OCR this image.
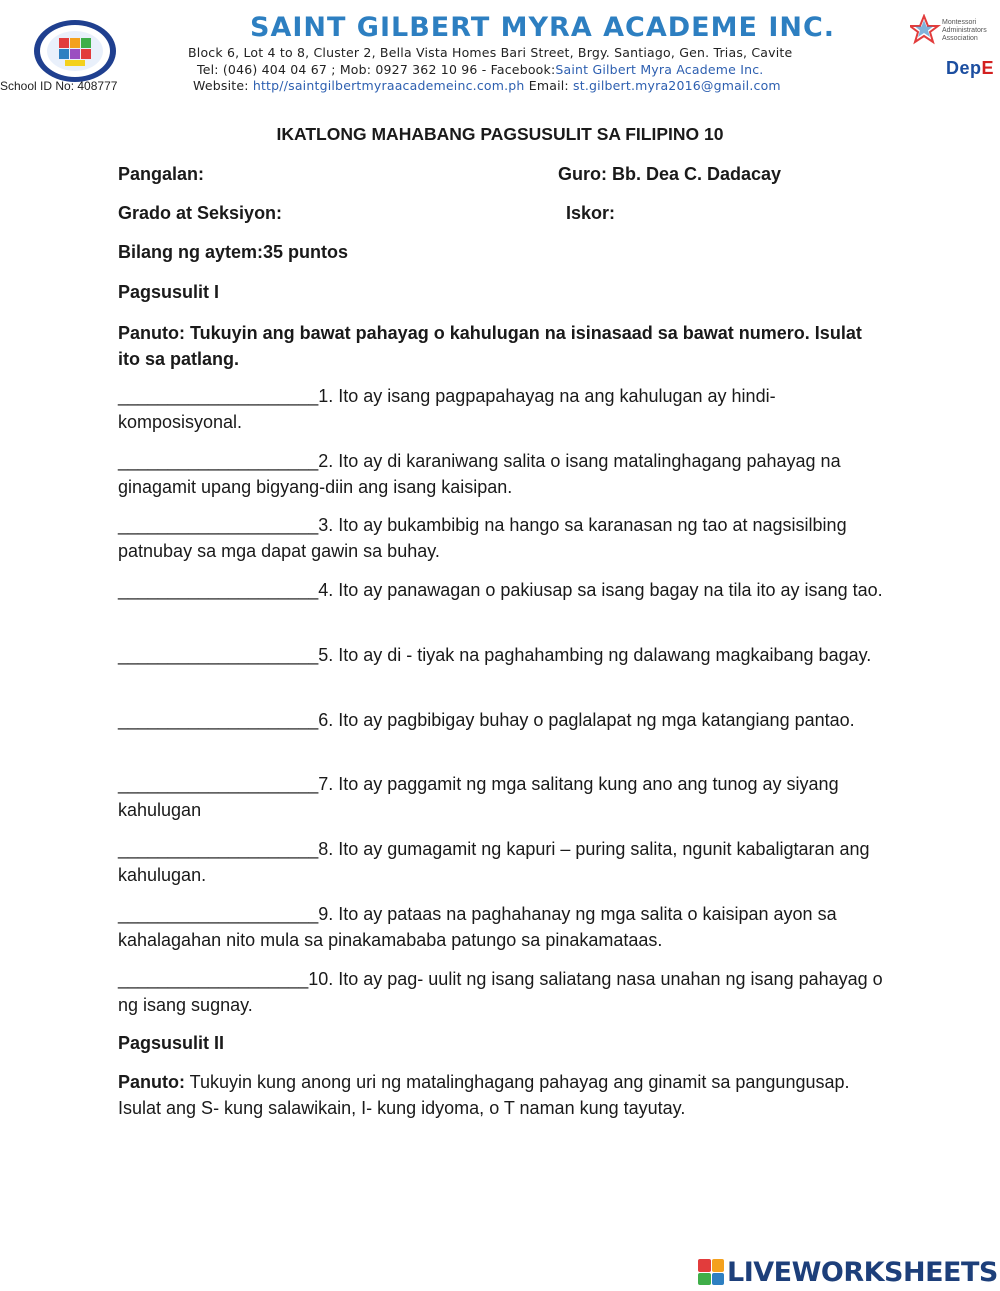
School ID No: 408777
SAINT GILBERT MYRA ACADEME INC.
Block 6, Lot 4 to 8, Cluster 2, Bella Vista Homes Bari Street, Brgy. Santiago, Gen. Trias, Cavite
Tel: (046) 404 04 67 ; Mob: 0927 362 10 96 - Facebook:Saint Gilbert Myra Academe Inc.
Website: http//saintgilbertmyraacademeinc.com.ph Email: st.gilbert.myra2016@gmail.com
Montessori
Administrators
Association
DepE
IKATLONG MAHABANG PAGSUSULIT SA FILIPINO 10
Pangalan:	Guro: Bb. Dea C. Dadacay
Grado at Seksiyon:	Iskor:
Bilang ng aytem:35 puntos
Pagsusulit I
Panuto: Tukuyin ang bawat pahayag o kahulugan na isinasaad sa bawat numero. Isulat ito sa patlang.
____________________1. Ito ay isang pagpapahayag na ang kahulugan ay hindi-komposisyonal.
____________________2. Ito ay di karaniwang salita o isang matalinghagang pahayag na ginagamit upang bigyang-diin ang isang kaisipan.
____________________3. Ito ay bukambibig na hango sa karanasan ng tao at nagsisilbing patnubay sa mga dapat gawin sa buhay.
____________________4. Ito ay panawagan o pakiusap sa isang bagay na tila ito ay isang tao.
____________________5. Ito ay di - tiyak na paghahambing ng dalawang magkaibang bagay.
____________________6. Ito ay pagbibigay buhay o paglalapat ng mga katangiang pantao.
____________________7. Ito ay paggamit ng mga salitang kung ano ang tunog ay siyang kahulugan
____________________8. Ito ay gumagamit ng kapuri – puring salita, ngunit kabaligtaran ang kahulugan.
____________________9. Ito ay pataas na paghahanay ng mga salita o kaisipan ayon sa kahalagahan nito mula sa pinakamababa patungo sa pinakamataas.
___________________10. Ito ay pag- uulit ng isang saliatang nasa unahan ng isang pahayag o ng isang sugnay.
Pagsusulit II
Panuto: Tukuyin kung anong uri ng matalinghagang pahayag ang ginamit sa pangungusap. Isulat ang S- kung salawikain, I- kung idyoma, o T naman kung tayutay.
LIVEWORKSHEETS
